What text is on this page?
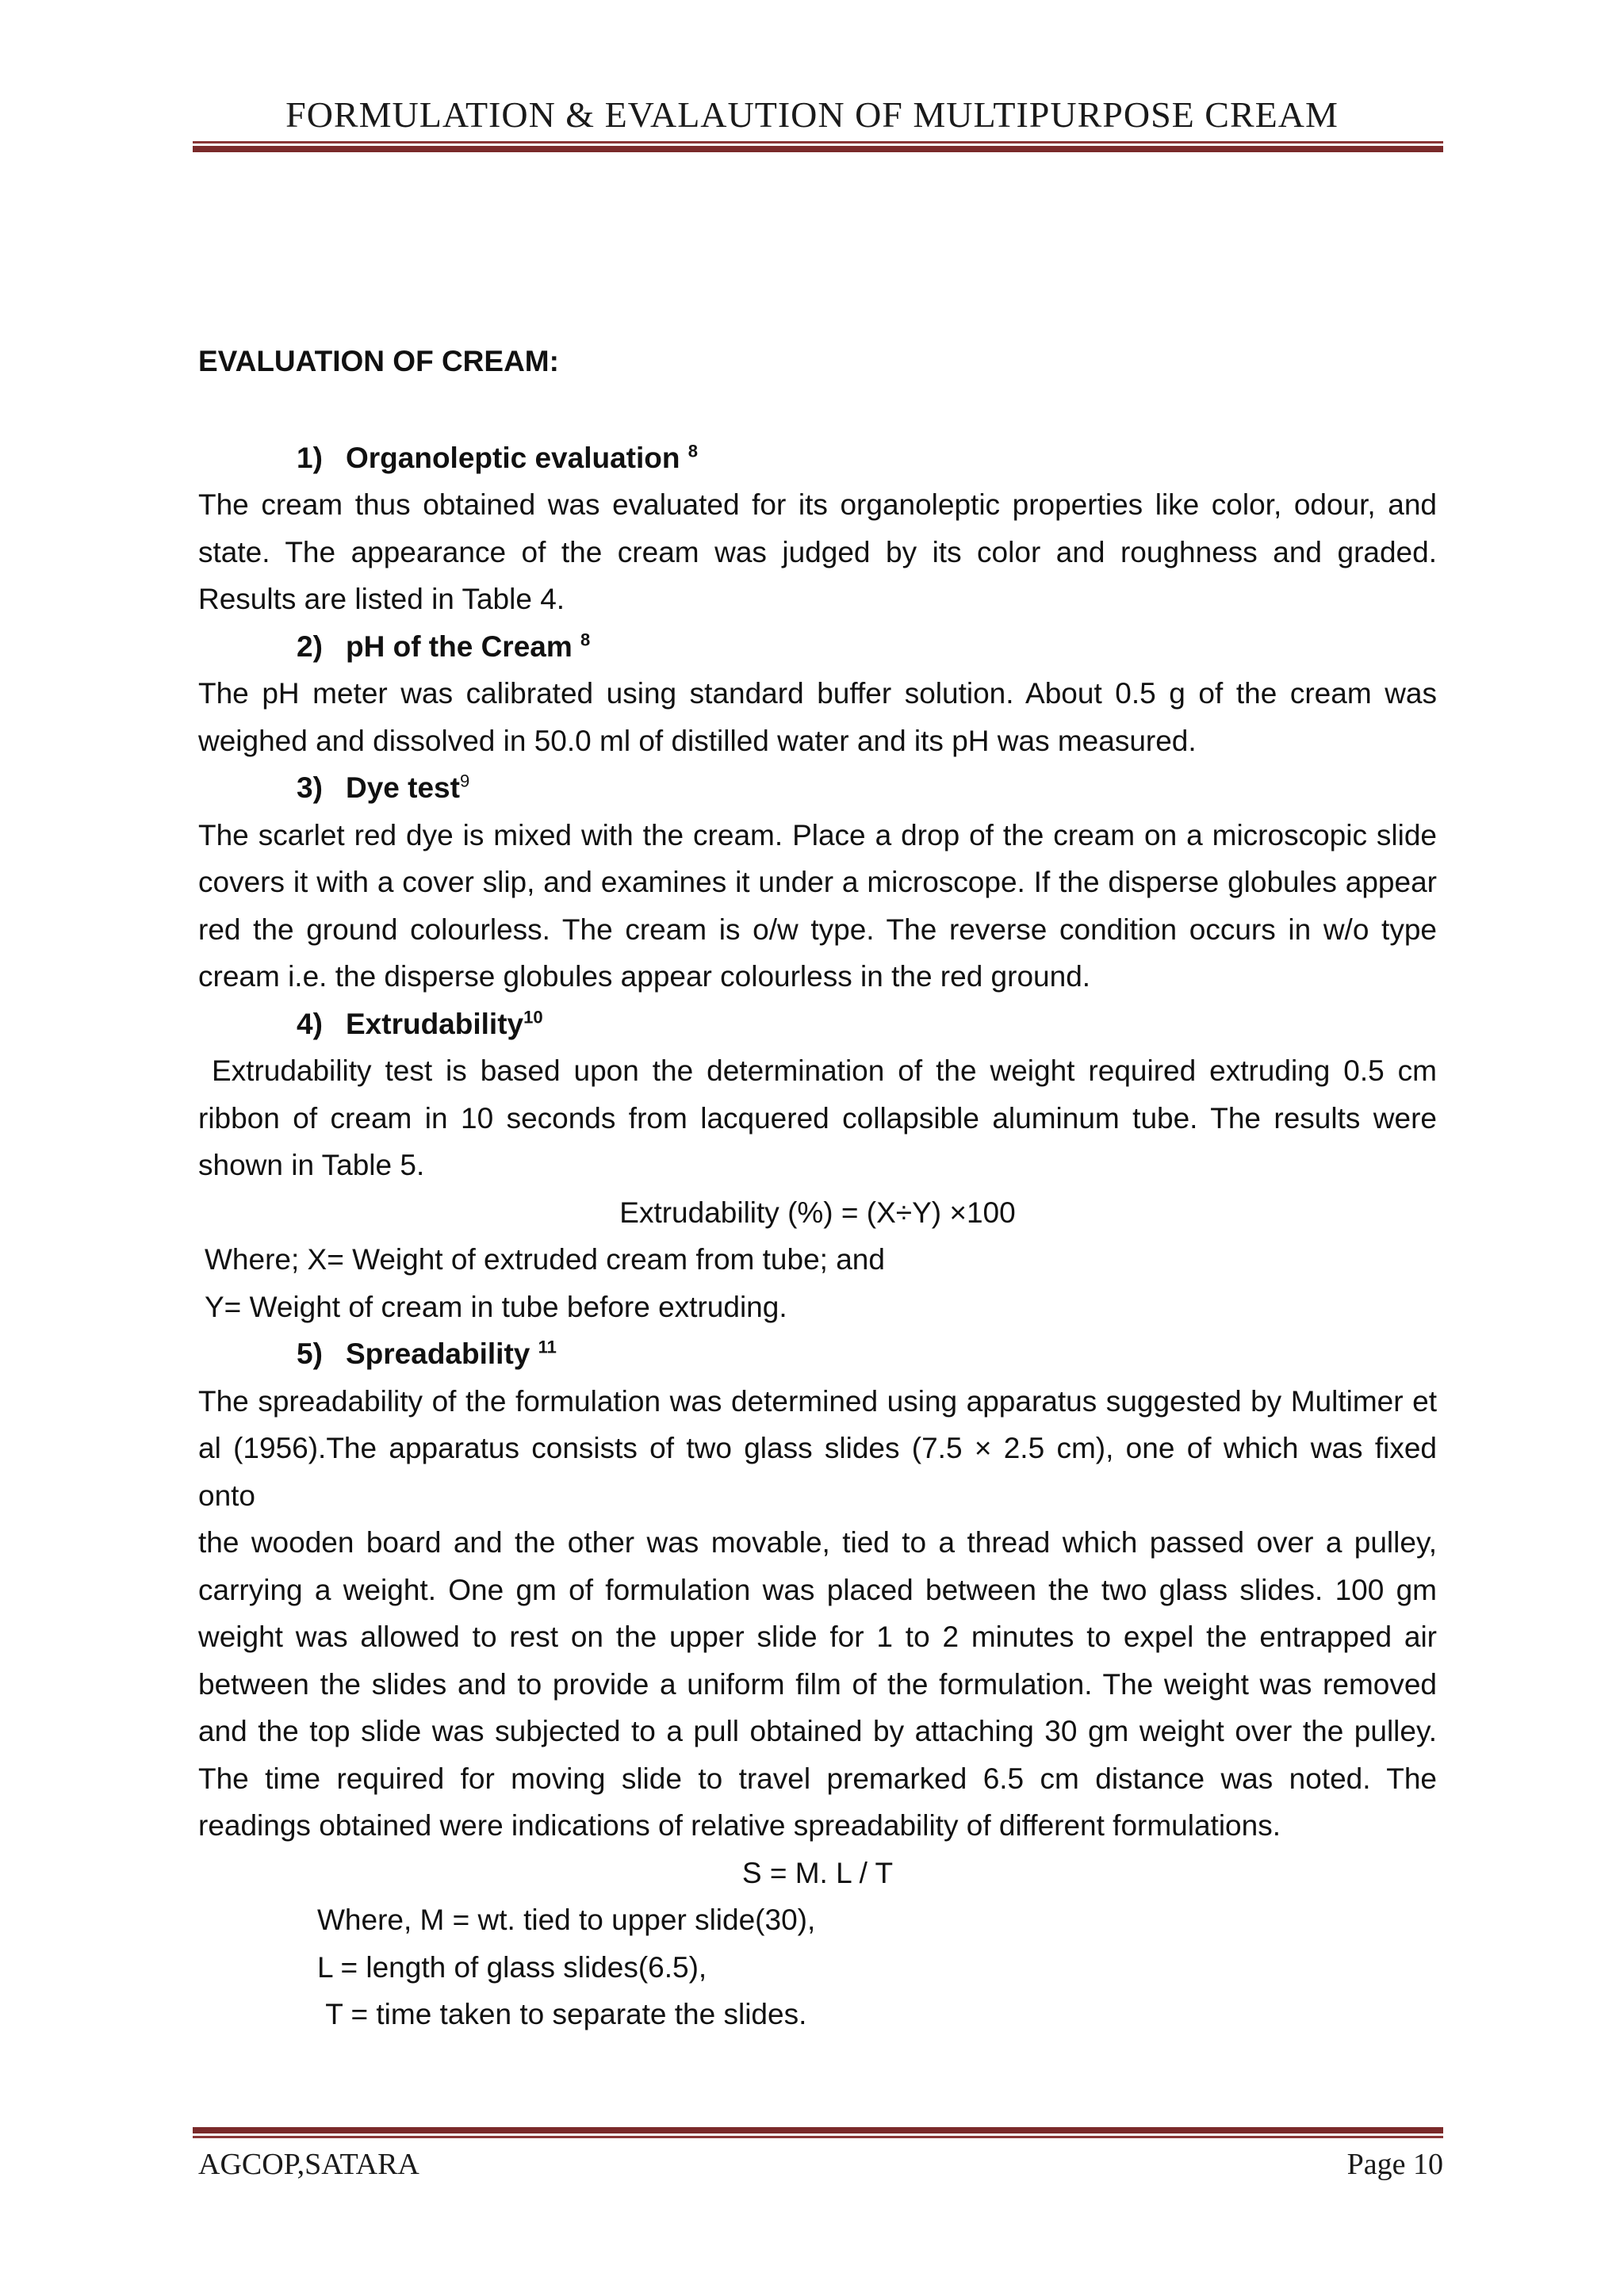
FORMULATION & EVALAUTION OF MULTIPURPOSE CREAM

EVALUATION OF CREAM:

1) Organoleptic evaluation $^8$

The cream thus obtained was evaluated for its organoleptic properties like color, odour, and
state. The appearance of the cream was judged by its color and roughness and graded.
Results are listed in Table 4.

2) pH of the Cream $^8$

The pH meter was calibrated using standard buffer solution. About 0.5 g of the cream was
weighed and dissolved in 50.0 ml of distilled water and its pH was measured.

3) Dye test$^9$

The scarlet red dye is mixed with the cream. Place a drop of the cream on a microscopic slide
covers it with a cover slip, and examines it under a microscope. If the disperse globules appear
red the ground colourless. The cream is o/w type. The reverse condition occurs in w/o type
cream i.e. the disperse globules appear colourless in the red ground.

4) Extrudability$^{10}$

Extrudability test is based upon the determination of the weight required extruding 0.5 cm
ribbon of cream in 10 seconds from lacquered collapsible aluminum tube. The results were
shown in Table 5.

Extrudability (%) = (X÷Y) ×100

Where; X= Weight of extruded cream from tube; and

Y= Weight of cream in tube before extruding.

5) Spreadability $^{11}$

The spreadability of the formulation was determined using apparatus suggested by Multimer et
al (1956).The apparatus consists of two glass slides (7.5 × 2.5 cm), one of which was fixed onto
the wooden board and the other was movable, tied to a thread which passed over a pulley,
carrying a weight. One gm of formulation was placed between the two glass slides. 100 gm
weight was allowed to rest on the upper slide for 1 to 2 minutes to expel the entrapped air
between the slides and to provide a uniform film of the formulation. The weight was removed
and the top slide was subjected to a pull obtained by attaching 30 gm weight over the pulley.
The time required for moving slide to travel premarked 6.5 cm distance was noted. The
readings obtained were indications of relative spreadability of different formulations.

S = M. L / T

Where, M = wt. tied to upper slide(30),

L = length of glass slides(6.5),

T = time taken to separate the slides.

AGCOP,SATARA	Page 10
